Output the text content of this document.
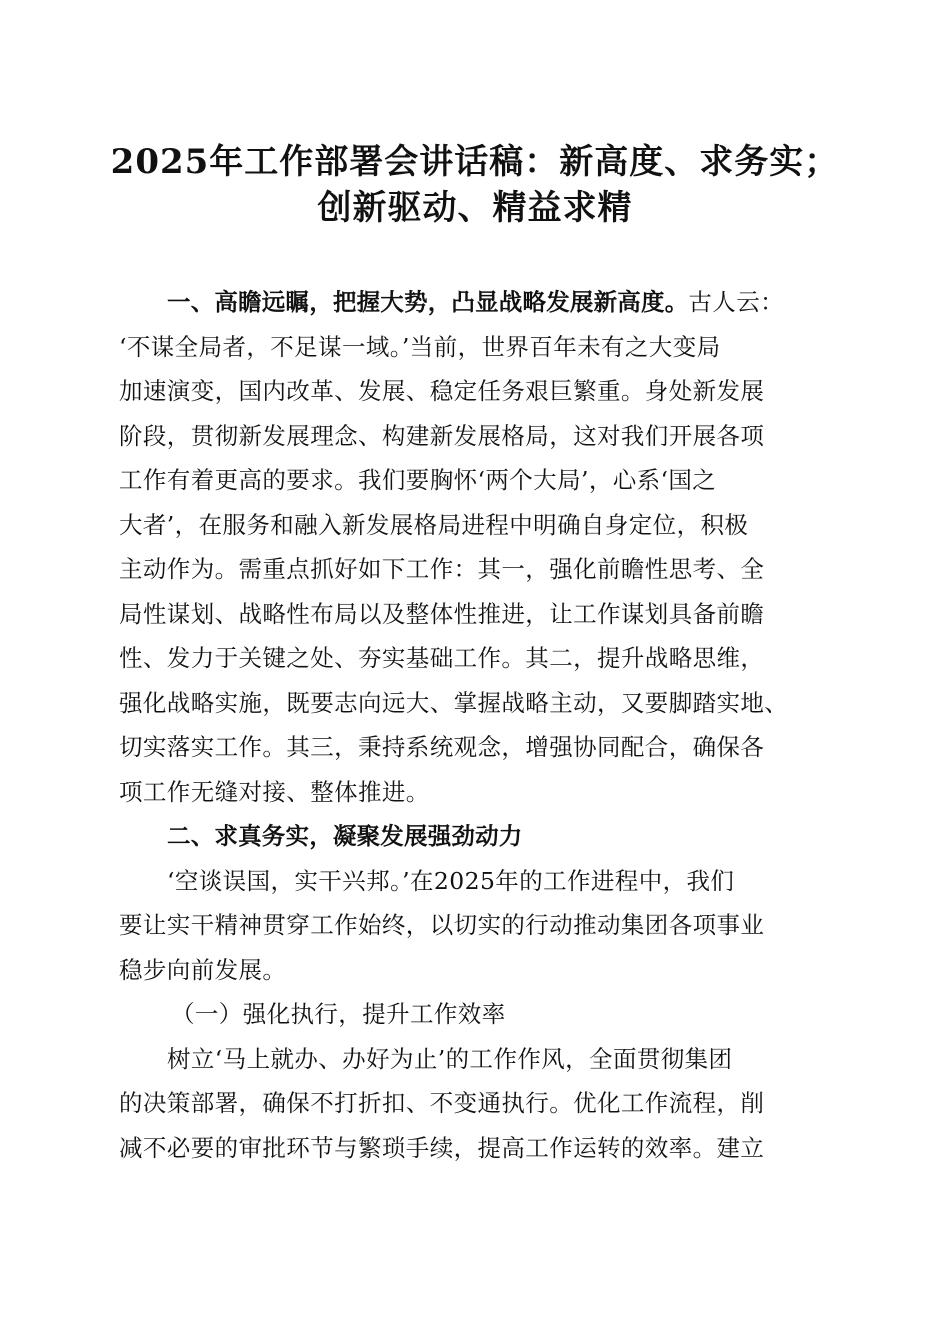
2025年工作部署会讲话稿：新高度、求务实；
创新驱动、精益求精
一、高瞻远瞩，把握大势，凸显战略发展新高度。古人云：
‘不谋全局者，不足谋一域。’当前，世界百年未有之大变局
加速演变，国内改革、发展、稳定任务艰巨繁重。身处新发展
阶段，贯彻新发展理念、构建新发展格局，这对我们开展各项
工作有着更高的要求。我们要胸怀‘两个大局’，心系‘国之
大者’，在服务和融入新发展格局进程中明确自身定位，积极
主动作为。需重点抓好如下工作：其一，强化前瞻性思考、全
局性谋划、战略性布局以及整体性推进，让工作谋划具备前瞻
性、发力于关键之处、夯实基础工作。其二，提升战略思维，
强化战略实施，既要志向远大、掌握战略主动，又要脚踏实地、
切实落实工作。其三，秉持系统观念，增强协同配合，确保各
项工作无缝对接、整体推进。
二、求真务实，凝聚发展强劲动力
‘空谈误国，实干兴邦。’在2025年的工作进程中，我们
要让实干精神贯穿工作始终，以切实的行动推动集团各项事业
稳步向前发展。
（一）强化执行，提升工作效率
树立‘马上就办、办好为止’的工作作风，全面贯彻集团
的决策部署，确保不打折扣、不变通执行。优化工作流程，削
减不必要的审批环节与繁琐手续，提高工作运转的效率。建立
